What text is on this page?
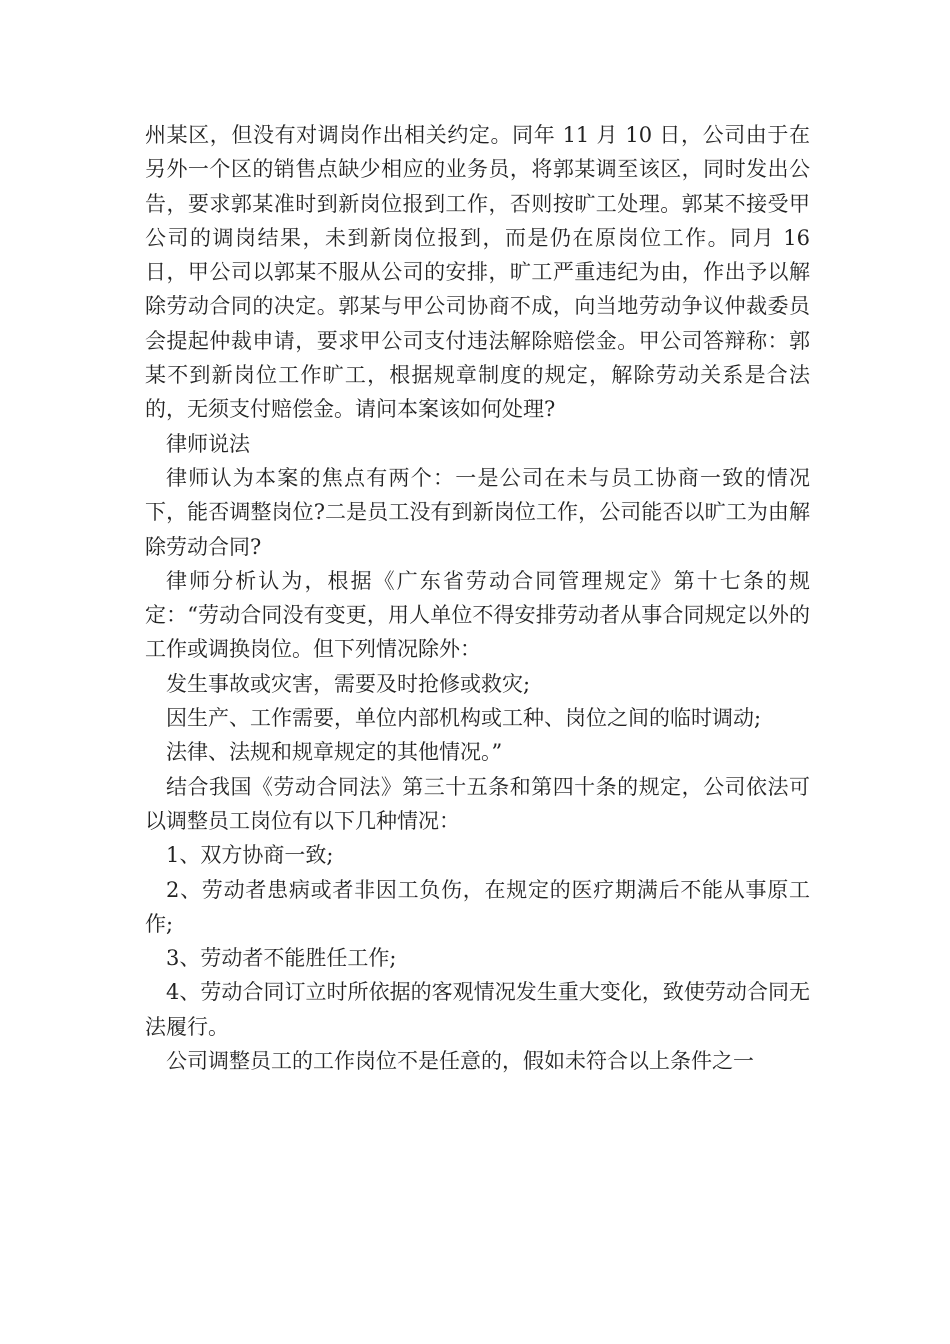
州某区，但没有对调岗作出相关约定。同年 11 月 10 日，公司由于在另外一个区的销售点缺少相应的业务员，将郭某调至该区，同时发出公告，要求郭某准时到新岗位报到工作，否则按旷工处理。郭某不接受甲公司的调岗结果，未到新岗位报到，而是仍在原岗位工作。同月 16 日，甲公司以郭某不服从公司的安排，旷工严重违纪为由，作出予以解除劳动合同的决定。郭某与甲公司协商不成，向当地劳动争议仲裁委员会提起仲裁申请，要求甲公司支付违法解除赔偿金。甲公司答辩称：郭某不到新岗位工作旷工，根据规章制度的规定，解除劳动关系是合法的，无须支付赔偿金。请问本案该如何处理?

律师说法

律师认为本案的焦点有两个：一是公司在未与员工协商一致的情况下，能否调整岗位?二是员工没有到新岗位工作，公司能否以旷工为由解除劳动合同?

律师分析认为，根据《广东省劳动合同管理规定》第十七条的规定：“劳动合同没有变更，用人单位不得安排劳动者从事合同规定以外的工作或调换岗位。但下列情况除外：

发生事故或灾害，需要及时抢修或救灾;

因生产、工作需要，单位内部机构或工种、岗位之间的临时调动;

法律、法规和规章规定的其他情况。”

结合我国《劳动合同法》第三十五条和第四十条的规定，公司依法可以调整员工岗位有以下几种情况：

1、双方协商一致;

2、劳动者患病或者非因工负伤，在规定的医疗期满后不能从事原工作;

3、劳动者不能胜任工作;

4、劳动合同订立时所依据的客观情况发生重大变化，致使劳动合同无法履行。

公司调整员工的工作岗位不是任意的，假如未符合以上条件之一
